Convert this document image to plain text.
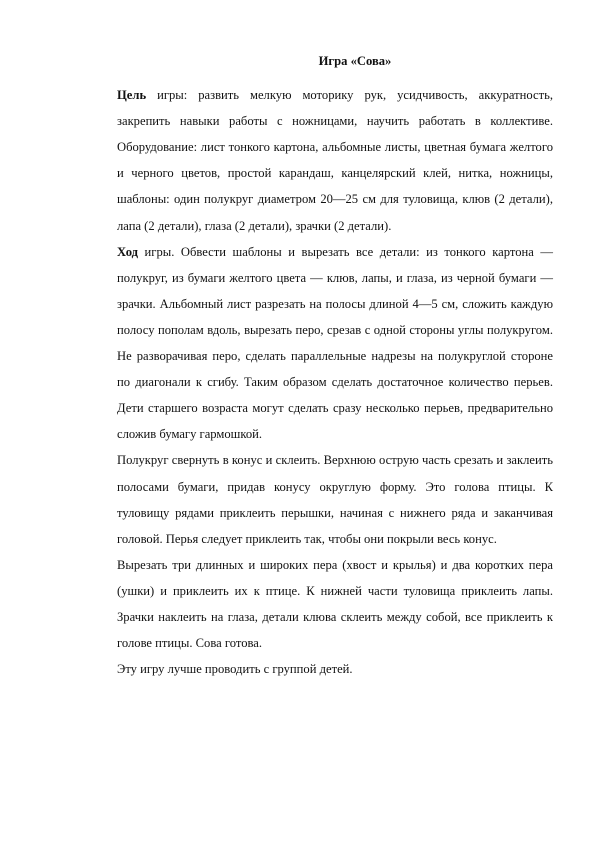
Игра «Сова»

Цель игры: развить мелкую моторику рук, усидчивость, аккуратность, закрепить навыки работы с ножницами, научить работать в коллективе. Оборудование: лист тонкого картона, альбомные листы, цветная бумага желтого и черного цветов, простой карандаш, канцелярский клей, нитка, ножницы, шаблоны: один полукруг диаметром 20—25 см для туловища, клюв (2 детали), лапа (2 детали), глаза (2 детали), зрачки (2 детали).

Ход игры. Обвести шаблоны и вырезать все детали: из тонкого картона — полукруг, из бумаги желтого цвета — клюв, лапы, и глаза, из черной бумаги — зрачки. Альбомный лист разрезать на полосы длиной 4—5 см, сложить каждую полосу пополам вдоль, вырезать перо, срезав с одной стороны углы полукругом. Не разворачивая перо, сделать параллельные надрезы на полукруглой стороне по диагонали к сгибу. Таким образом сделать достаточное количество перьев. Дети старшего возраста могут сделать сразу несколько перьев, предварительно сложив бумагу гармошкой.

Полукруг свернуть в конус и склеить. Верхнюю острую часть срезать и заклеить полосами бумаги, придав конусу округлую форму. Это голова птицы. К туловищу рядами приклеить перышки, начиная с нижнего ряда и заканчивая головой. Перья следует приклеить так, чтобы они покрыли весь конус.

Вырезать три длинных и широких пера (хвост и крылья) и два коротких пера (ушки) и приклеить их к птице. К нижней части туловища приклеить лапы. Зрачки наклеить на глаза, детали клюва склеить между собой, все приклеить к голове птицы. Сова готова.

Эту игру лучше проводить с группой детей.
